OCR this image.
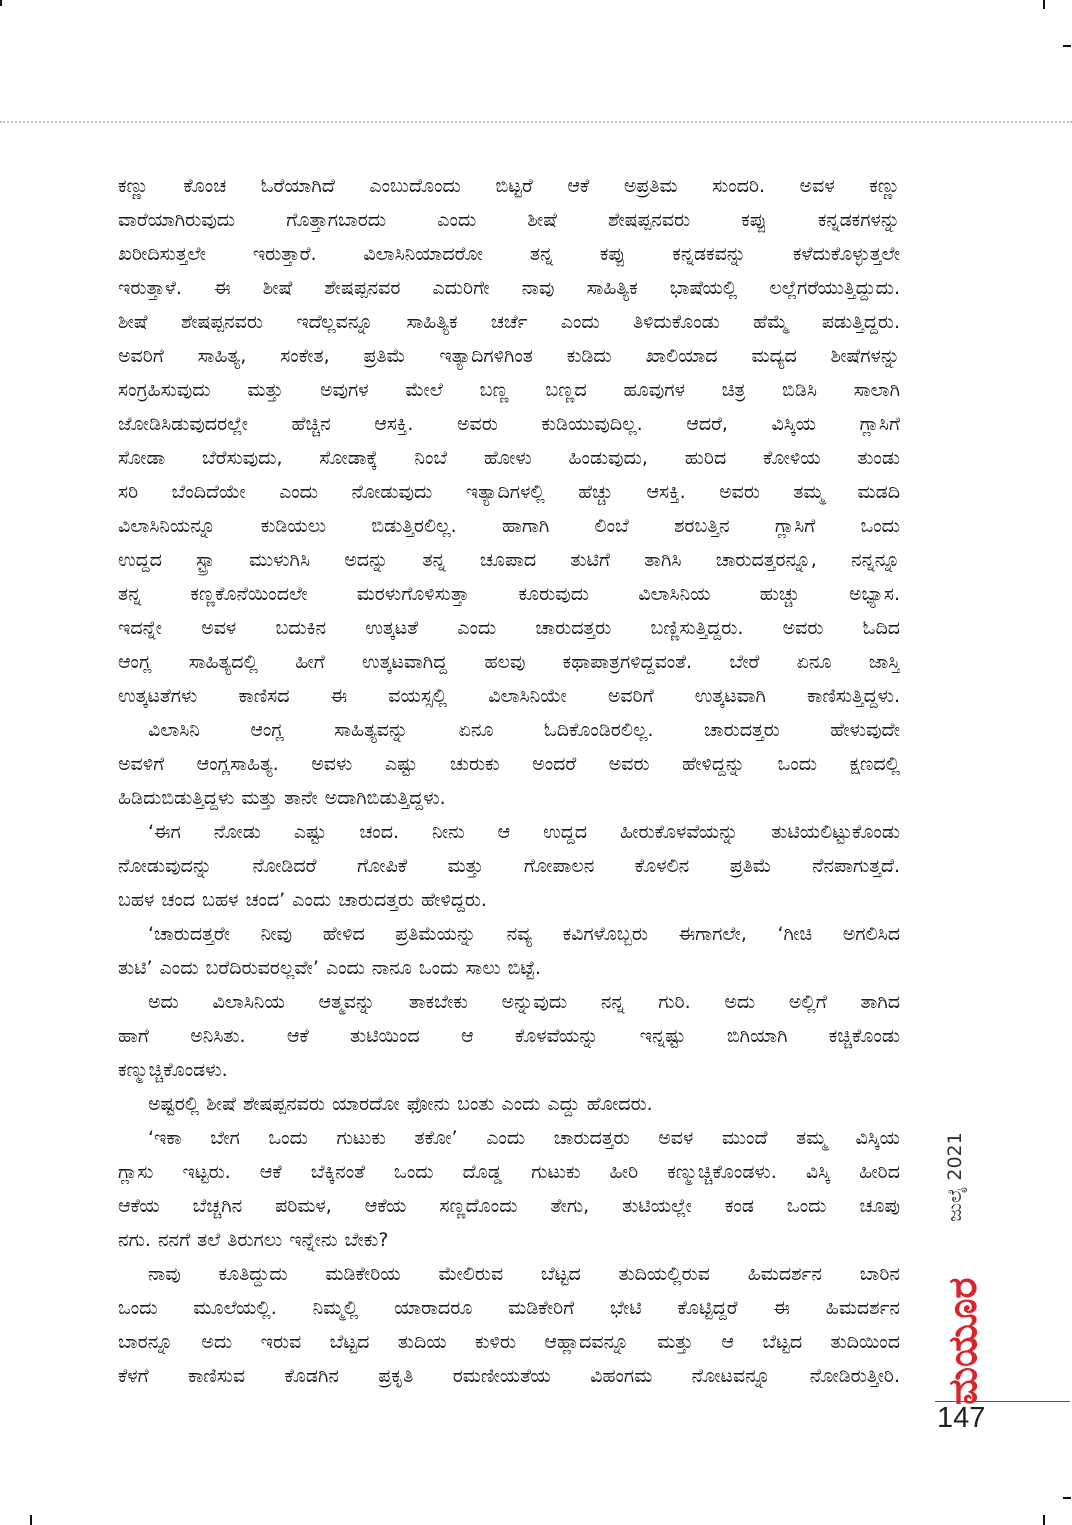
ಕಣ್ಣು ಕೊಂಚ ಓರೆಯಾಗಿದೆ ಎಂಬುದೊಂದು ಬಿಟ್ಟರೆ ಆಕೆ ಅಪ್ರತಿಮ ಸುಂದರಿ. ಅವಳ ಕಣ್ಣು
ವಾರೆಯಾಗಿರುವುದು ಗೊತ್ತಾಗಬಾರದು ಎಂದು ಶೀಷೆ ಶೇಷಪ್ಪನವರು ಕಪ್ಪು ಕನ್ನಡಕಗಳನ್ನು
ಖರೀದಿಸುತ್ತಲೇ ಇರುತ್ತಾರೆ. ವಿಲಾಸಿನಿಯಾದರೋ ತನ್ನ ಕಪ್ಪು ಕನ್ನಡಕವನ್ನು ಕಳೆದುಕೊಳ್ಳುತ್ತಲೇ
ಇರುತ್ತಾಳೆ. ಈ ಶೀಷೆ ಶೇಷಪ್ಪನವರ ಎದುರಿಗೇ ನಾವು ಸಾಹಿತ್ಯಿಕ ಭಾಷೆಯಲ್ಲಿ ಲಲ್ಲೆಗರೆಯುತ್ತಿದ್ದುದು.
ಶೀಷೆ ಶೇಷಪ್ಪನವರು ಇದೆಲ್ಲವನ್ನೂ ಸಾಹಿತ್ಯಿಕ ಚರ್ಚೆ ಎಂದು ತಿಳಿದುಕೊಂಡು ಹೆಮ್ಮೆ ಪಡುತ್ತಿದ್ದರು.
ಅವರಿಗೆ ಸಾಹಿತ್ಯ, ಸಂಕೇತ, ಪ್ರತಿಮೆ ಇತ್ಯಾದಿಗಳಿಗಿಂತ ಕುಡಿದು ಖಾಲಿಯಾದ ಮದ್ಯದ ಶೀಷೆಗಳನ್ನು
ಸಂಗ್ರಹಿಸುವುದು ಮತ್ತು ಅವುಗಳ ಮೇಲೆ ಬಣ್ಣ ಬಣ್ಣದ ಹೂವುಗಳ ಚಿತ್ರ ಬಿಡಿಸಿ ಸಾಲಾಗಿ
ಜೋಡಿಸಿಡುವುದರಲ್ಲೇ ಹೆಚ್ಚಿನ ಆಸಕ್ತಿ. ಅವರು ಕುಡಿಯುವುದಿಲ್ಲ. ಆದರೆ, ವಿಸ್ಕಿಯ ಗ್ಲಾಸಿಗೆ
ಸೋಡಾ ಬೆರೆಸುವುದು, ಸೋಡಾಕ್ಕೆ ನಿಂಬೆ ಹೋಳು ಹಿಂಡುವುದು, ಹುರಿದ ಕೋಳಿಯ ತುಂಡು
ಸರಿ ಬೆಂದಿದೆಯೇ ಎಂದು ನೋಡುವುದು ಇತ್ಯಾದಿಗಳಲ್ಲಿ ಹೆಚ್ಚು ಆಸಕ್ತಿ. ಅವರು ತಮ್ಮ ಮಡದಿ
ವಿಲಾಸಿನಿಯನ್ನೂ ಕುಡಿಯಲು ಬಿಡುತ್ತಿರಲಿಲ್ಲ. ಹಾಗಾಗಿ ಲಿಂಬೆ ಶರಬತ್ತಿನ ಗ್ಲಾಸಿಗೆ ಒಂದು
ಉದ್ದದ ಸ್ಟ್ರಾ ಮುಳುಗಿಸಿ ಅದನ್ನು ತನ್ನ ಚೂಪಾದ ತುಟಿಗೆ ತಾಗಿಸಿ ಚಾರುದತ್ತರನ್ನೂ, ನನ್ನನ್ನೂ
ತನ್ನ ಕಣ್ಣಕೊನೆಯಿಂದಲೇ ಮರಳುಗೊಳಿಸುತ್ತಾ ಕೂರುವುದು ವಿಲಾಸಿನಿಯ ಹುಚ್ಚು ಅಭ್ಯಾಸ.
ಇದನ್ನೇ ಅವಳ ಬದುಕಿನ ಉತ್ಕಟತೆ ಎಂದು ಚಾರುದತ್ತರು ಬಣ್ಣಿಸುತ್ತಿದ್ದರು. ಅವರು ಓದಿದ
ಆಂಗ್ಲ ಸಾಹಿತ್ಯದಲ್ಲಿ ಹೀಗೆ ಉತ್ಕಟವಾಗಿದ್ದ ಹಲವು ಕಥಾಪಾತ್ರಗಳಿದ್ದವಂತೆ. ಬೇರೆ ಏನೂ ಜಾಸ್ತಿ
ಉತ್ಕಟತೆಗಳು ಕಾಣಿಸದ ಈ ವಯಸ್ಸಲ್ಲಿ ವಿಲಾಸಿನಿಯೇ ಅವರಿಗೆ ಉತ್ಕಟವಾಗಿ ಕಾಣಿಸುತ್ತಿದ್ದಳು.
ವಿಲಾಸಿನಿ ಆಂಗ್ಲ ಸಾಹಿತ್ಯವನ್ನು ಏನೂ ಓದಿಕೊಂಡಿರಲಿಲ್ಲ. ಚಾರುದತ್ತರು ಹೇಳುವುದೇ
ಅವಳಿಗೆ ಆಂಗ್ಲಸಾಹಿತ್ಯ. ಅವಳು ಎಷ್ಟು ಚುರುಕು ಅಂದರೆ ಅವರು ಹೇಳಿದ್ದನ್ನು ಒಂದು ಕ್ಷಣದಲ್ಲಿ
ಹಿಡಿದುಬಿಡುತ್ತಿದ್ದಳು ಮತ್ತು ತಾನೇ ಅದಾಗಿಬಿಡುತ್ತಿದ್ದಳು.
‘ಈಗ ನೋಡು ಎಷ್ಟು ಚಂದ. ನೀನು ಆ ಉದ್ದದ ಹೀರುಕೊಳವೆಯನ್ನು ತುಟಿಯಲಿಟ್ಟುಕೊಂಡು
ನೋಡುವುದನ್ನು ನೋಡಿದರೆ ಗೋಪಿಕೆ ಮತ್ತು ಗೋಪಾಲನ ಕೊಳಲಿನ ಪ್ರತಿಮೆ ನೆನಪಾಗುತ್ತದೆ.
ಬಹಳ ಚಂದ ಬಹಳ ಚಂದ’ ಎಂದು ಚಾರುದತ್ತರು ಹೇಳಿದ್ದರು.
‘ಚಾರುದತ್ತರೇ ನೀವು ಹೇಳಿದ ಪ್ರತಿಮೆಯನ್ನು ನವ್ಯ ಕವಿಗಳೊಬ್ಬರು ಈಗಾಗಲೇ, ‘ಗೀಚಿ ಅಗಲಿಸಿದ
ತುಟಿ’ ಎಂದು ಬರೆದಿರುವರಲ್ಲವೇ’ ಎಂದು ನಾನೂ ಒಂದು ಸಾಲು ಬಿಟ್ಟೆ.
ಅದು ವಿಲಾಸಿನಿಯ ಆತ್ಮವನ್ನು ತಾಕಬೇಕು ಅನ್ನುವುದು ನನ್ನ ಗುರಿ. ಅದು ಅಲ್ಲಿಗೆ ತಾಗಿದ
ಹಾಗೆ ಅನಿಸಿತು. ಆಕೆ ತುಟಿಯಿಂದ ಆ ಕೊಳವೆಯನ್ನು ಇನ್ನಷ್ಟು ಬಿಗಿಯಾಗಿ ಕಚ್ಚಿಕೊಂಡು
ಕಣ್ಮುಚ್ಚಿಕೊಂಡಳು.
ಅಷ್ಟರಲ್ಲಿ ಶೀಷೆ ಶೇಷಪ್ಪನವರು ಯಾರದೋ ಫೋನು ಬಂತು ಎಂದು ಎದ್ದು ಹೋದರು.
‘ಇಕಾ ಬೇಗ ಒಂದು ಗುಟುಕು ತಕೋ’ ಎಂದು ಚಾರುದತ್ತರು ಅವಳ ಮುಂದೆ ತಮ್ಮ ವಿಸ್ಕಿಯ
ಗ್ಲಾಸು ಇಟ್ಟರು. ಆಕೆ ಬೆಕ್ಕಿನಂತೆ ಒಂದು ದೊಡ್ಡ ಗುಟುಕು ಹೀರಿ ಕಣ್ಮುಚ್ಚಿಕೊಂಡಳು. ವಿಸ್ಕಿ ಹೀರಿದ
ಆಕೆಯ ಬೆಚ್ಚಗಿನ ಪರಿಮಳ, ಆಕೆಯ ಸಣ್ಣದೊಂದು ತೇಗು, ತುಟಿಯಲ್ಲೇ ಕಂಡ ಒಂದು ಚೂಪು
ನಗು. ನನಗೆ ತಲೆ ತಿರುಗಲು ಇನ್ನೇನು ಬೇಕು?
ನಾವು ಕೂತಿದ್ದುದು ಮಡಿಕೇರಿಯ ಮೇಲಿರುವ ಬೆಟ್ಟದ ತುದಿಯಲ್ಲಿರುವ ಹಿಮದರ್ಶನ ಬಾರಿನ
ಒಂದು ಮೂಲೆಯಲ್ಲಿ. ನಿಮ್ಮಲ್ಲಿ ಯಾರಾದರೂ ಮಡಿಕೇರಿಗೆ ಭೇಟಿ ಕೊಟ್ಟಿದ್ದರೆ ಈ ಹಿಮದರ್ಶನ
ಬಾರನ್ನೂ ಅದು ಇರುವ ಬೆಟ್ಟದ ತುದಿಯ ಕುಳಿರು ಆಹ್ಲಾದವನ್ನೂ ಮತ್ತು ಆ ಬೆಟ್ಟದ ತುದಿಯಿಂದ
ಕೆಳಗೆ ಕಾಣಿಸುವ ಕೊಡಗಿನ ಪ್ರಕೃತಿ ರಮಣೀಯತೆಯ ವಿಹಂಗಮ ನೋಟವನ್ನೂ ನೋಡಿರುತ್ತೀರಿ.
ಜುಲೈ 2021
ಮಯೂರ
147
